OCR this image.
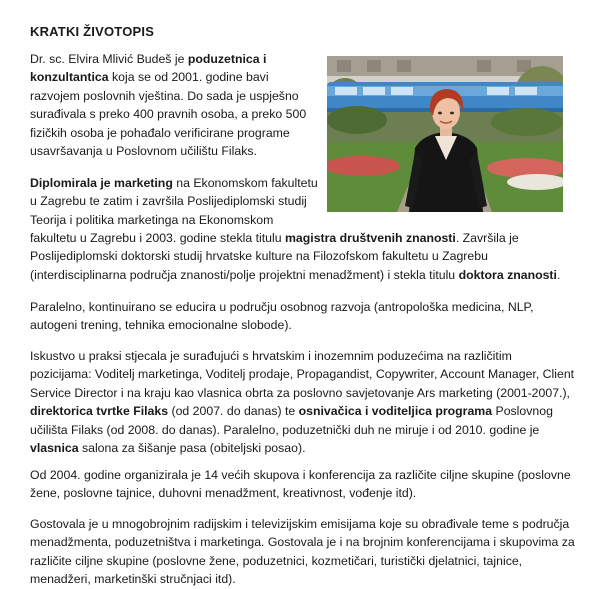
KRATKI ŽIVOTOPIS

Dr. sc. Elvira Mlivić Budeš je poduzetnica i konzultantica koja se od 2001. godine bavi razvojem poslovnih vještina. Do sada je uspješno surađivala s preko 400 pravnih osoba, a preko 500 fizičkih osoba je pohađalo verificirane programe usavršavanja u Poslovnom učilištu Filaks.

Diplomirala je marketing na Ekonomskom fakultetu u Zagrebu te zatim i završila Poslijediplomski studij Teorija i politika marketinga na Ekonomskom

fakultetu u Zagrebu i 2003. godine stekla titulu magistra društvenih znanosti. Završila je Poslijediplomski doktorski studij hrvatske kulture na Filozofskom fakultetu u Zagrebu (interdisciplinarna područja znanosti/polje projektni menadžment) i stekla titulu doktora znanosti.

Paralelno, kontinuirano se educira u području osobnog razvoja (antropološka medicina, NLP, autogeni trening, tehnika emocionalne slobode).

Iskustvo u praksi stjecala je surađujući s hrvatskim i inozemnim poduzećima na različitim pozicijama: Voditelj marketinga, Voditelj prodaje, Propagandist, Copywriter, Account Manager, Client Service Director i na kraju kao vlasnica obrta za poslovno savjetovanje Ars marketing (2001-2007.), direktorica tvrtke Filaks (od 2007. do danas) te osnivačica i voditeljica programa Poslovnog učilišta Filaks (od 2008. do danas). Paralelno, poduzetnički duh ne miruje i od 2010. godine je vlasnica salona za šišanje pasa (obiteljski posao).

Od 2004. godine organizirala je 14 većih skupova i konferencija za različite ciljne skupine (poslovne žene, poslovne tajnice, duhovni menadžment, kreativnost, vođenje itd).

Gostovala je u mnogobrojnim radijskim i televizijskim emisijama koje su obrađivale teme s područja menadžmenta, poduzetništva i marketinga. Gostovala je i na brojnim konferencijama i skupovima za različite ciljne skupine (poslovne žene, poduzetnici, kozmetičari, turistički djelatnici, tajnice, menadžeri, marketinški stručnjaci itd).
